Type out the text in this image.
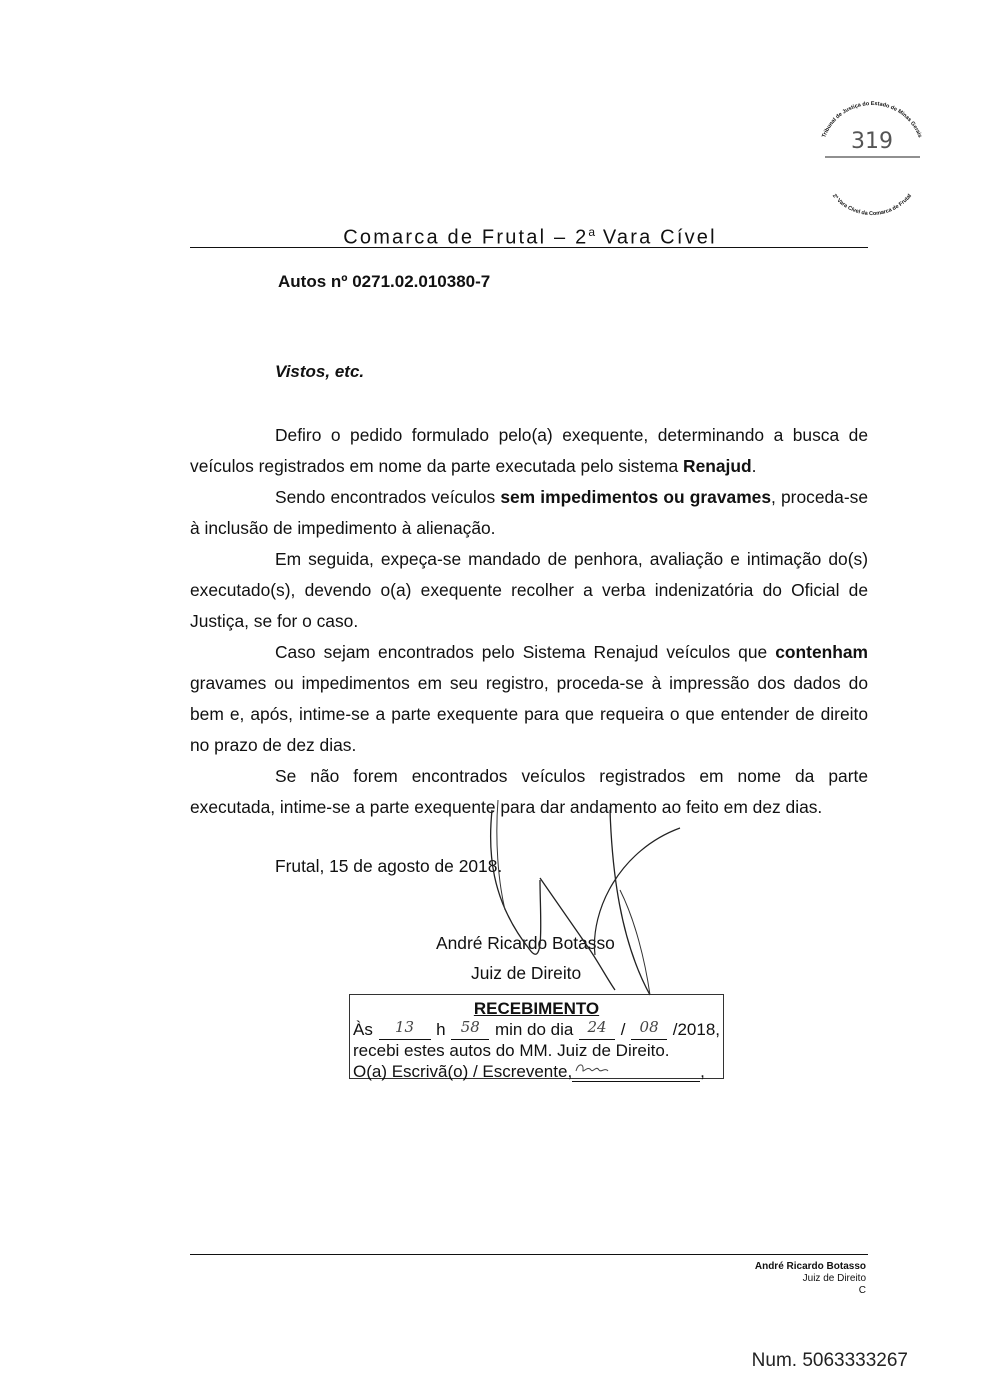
Tribunal de Justiça do Estado de Minas Gerais
2ª Vara Cível da Comarca de Frutal
319
Comarca de Frutal – 2$^a$ Vara Cível
Autos nº 0271.02.010380-7
Vistos, etc.

Defiro o pedido formulado pelo(a) exequente, determinando a busca de veículos registrados em nome da parte executada pelo sistema Renajud.

Sendo encontrados veículos sem impedimentos ou gravames, proceda-se à inclusão de impedimento à alienação.

Em seguida, expeça-se mandado de penhora, avaliação e intimação do(s) executado(s), devendo o(a) exequente recolher a verba indenizatória do Oficial de Justiça, se for o caso.

Caso sejam encontrados pelo Sistema Renajud veículos que contenham gravames ou impedimentos em seu registro, proceda-se à impressão dos dados do bem e, após, intime-se a parte exequente para que requeira o que entender de direito no prazo de dez dias.

Se não forem encontrados veículos registrados em nome da parte executada, intime-se a parte exequente para dar andamento ao feito em dez dias.

Frutal, 15 de agosto de 2018.
André Ricardo Botasso
Juiz de Direito
RECEBIMENTO
Às	13	h	58 min do dia 24 / 08 /2018,
recebi estes autos do MM. Juiz de Direito.
O(a) Escrivã(o) / Escrevente,	,
André Ricardo Botasso
Juiz de Direito
C
Num. 5063333267
